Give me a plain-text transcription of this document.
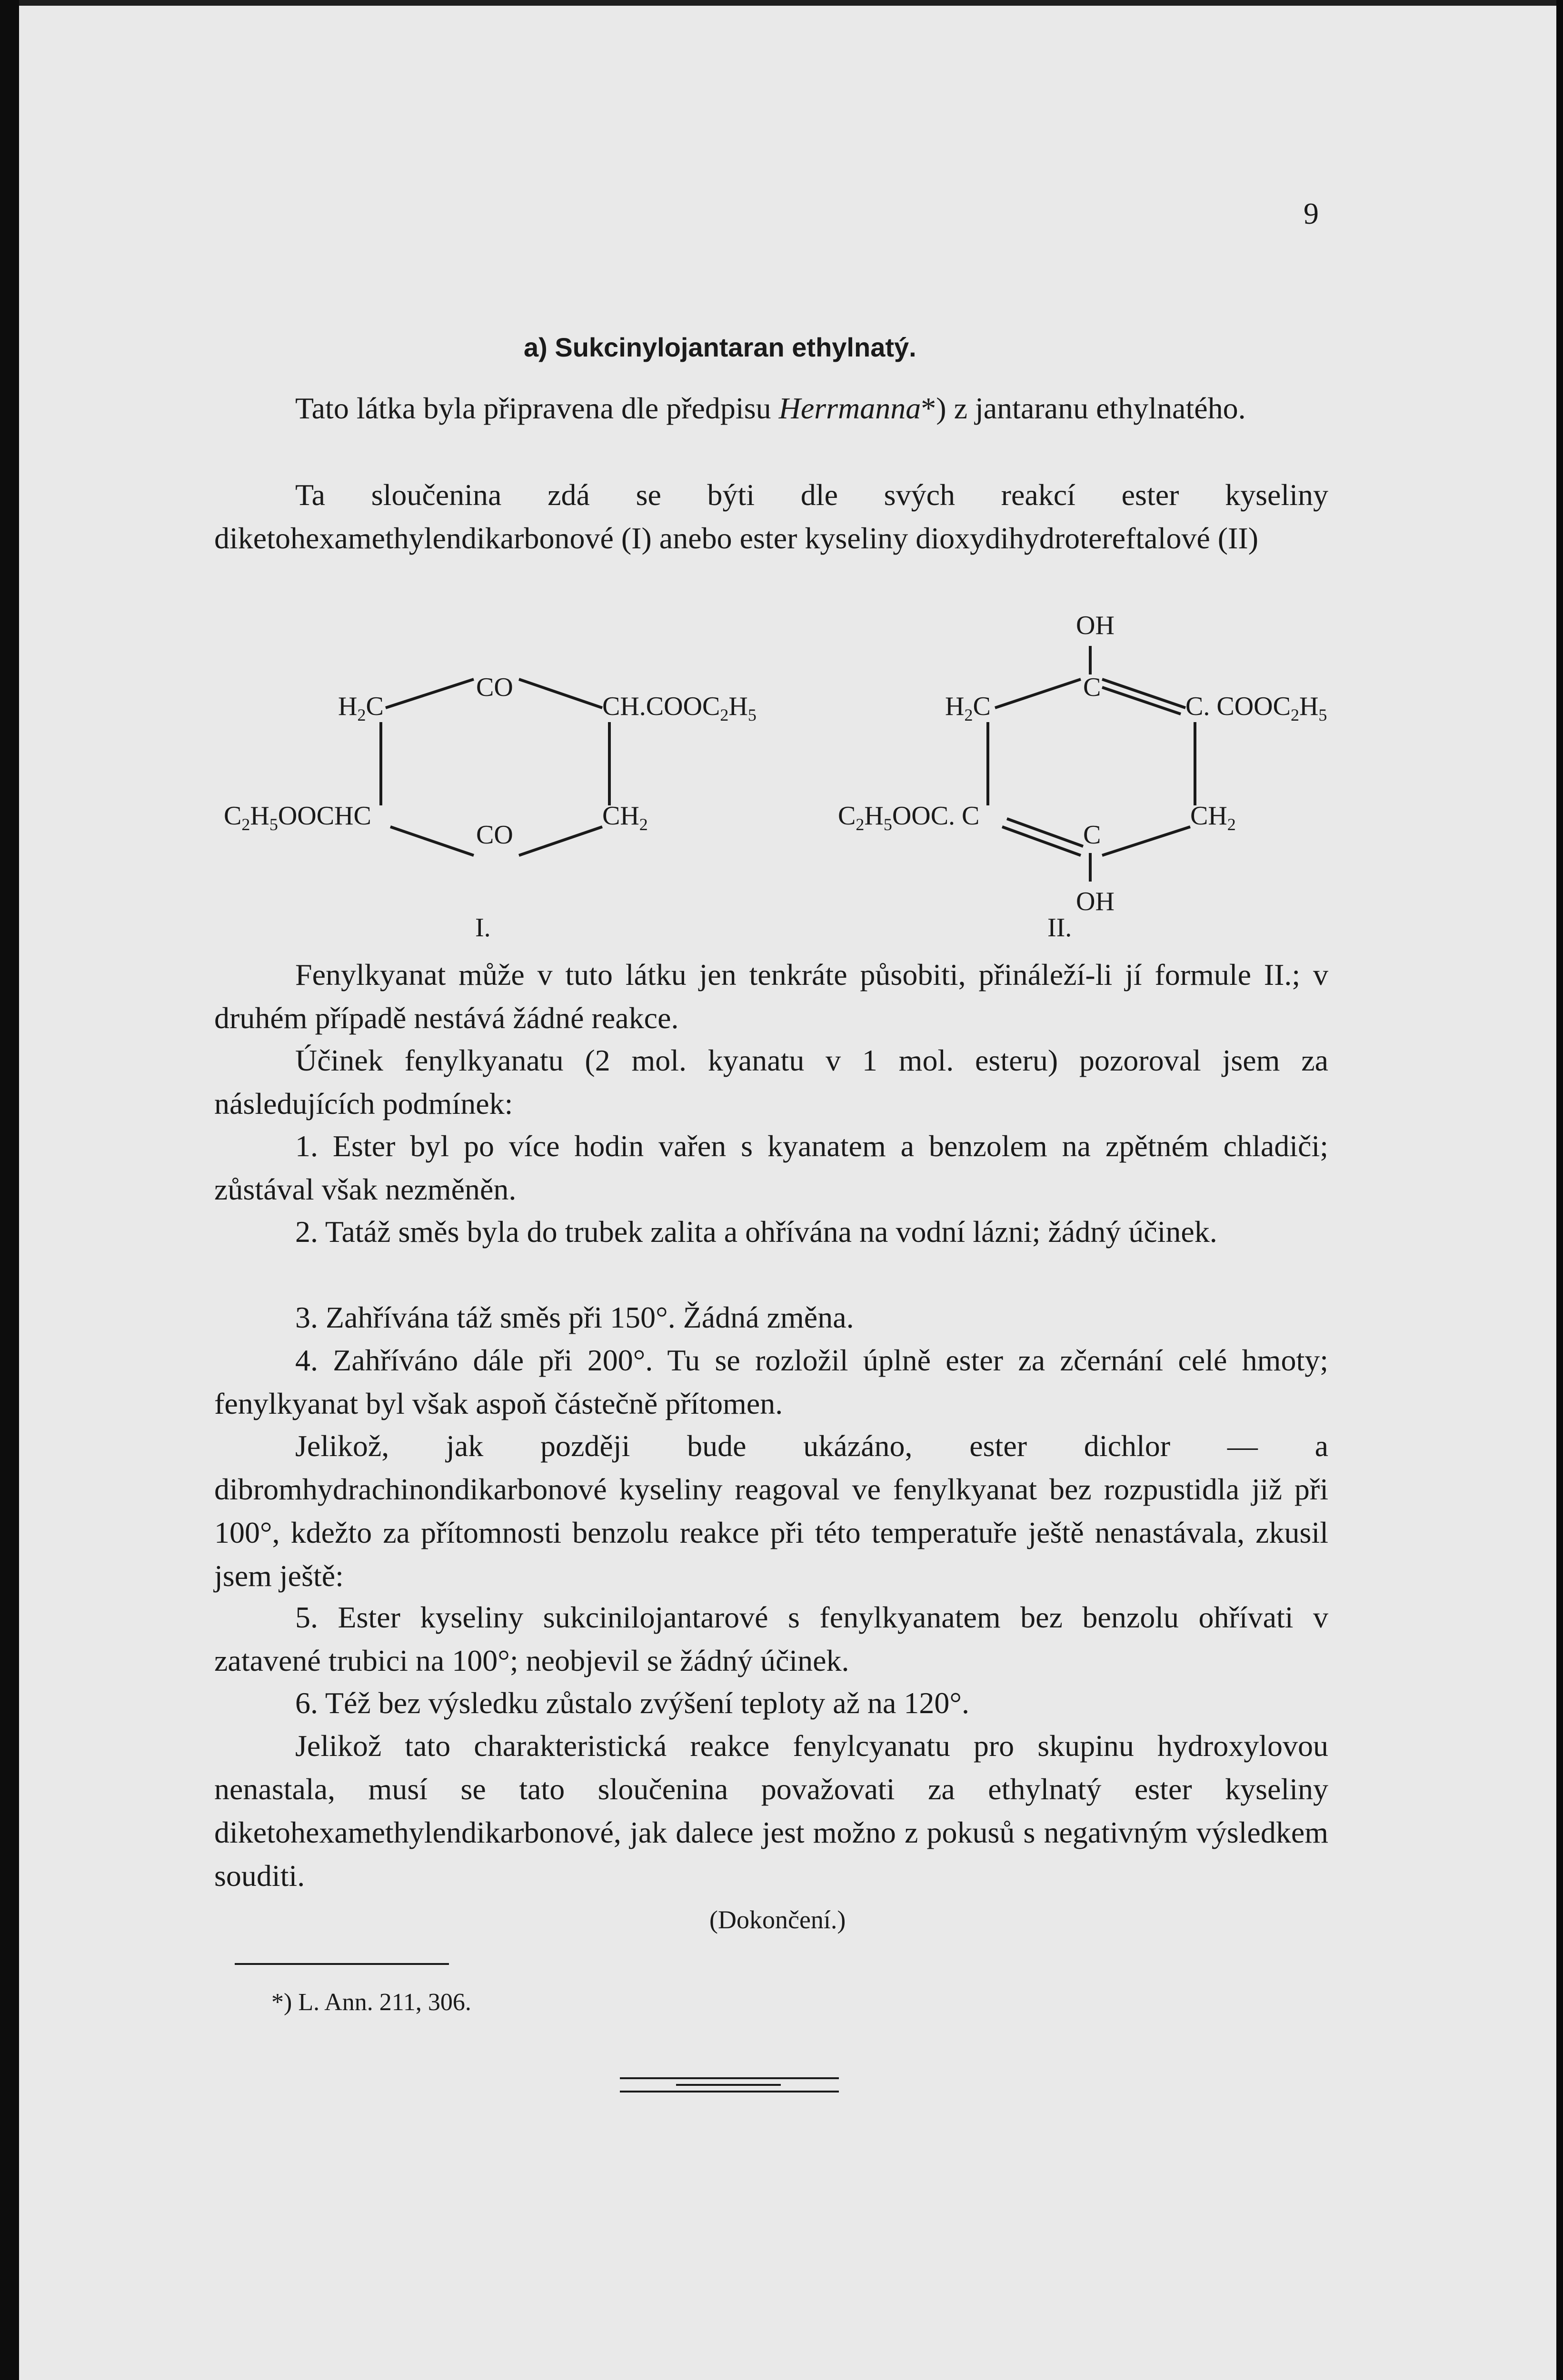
9
a) Sukcinylojantaran ethylnatý.

Tato látka byla připravena dle předpisu Herrmanna*) z jantaranu ethylnatého.

Ta sloučenina zdá se býti dle svých reakcí ester kyseliny diketohexamethylendikarbonové (I) anebo ester kyseliny dioxydihydrotereftalové (II)

$H_2C$
CO
$CH.COOC_2H_5$
$C_2H_5OOCHC$
CO
$CH_2$
OH
$H_2C$
C
C. $COOC_2H_5$
$C_2H_5OOC$. C
C
$CH_2$
OH
I.	II.

Fenylkyanat může v tuto látku jen tenkráte působiti, přináleží-li jí formule II.; v druhém případě nestává žádné reakce.

Účinek fenylkyanatu (2 mol. kyanatu v 1 mol. esteru) pozoroval jsem za následujících podmínek:

1. Ester byl po více hodin vařen s kyanatem a benzolem na zpětném chladiči; zůstával však nezměněn.

2. Tatáž směs byla do trubek zalita a ohřívána na vodní lázni; žádný účinek.

3. Zahřívána táž směs při 150°. Žádná změna.

4. Zahříváno dále při 200°. Tu se rozložil úplně ester za zčernání celé hmoty; fenylkyanat byl však aspoň částečně přítomen.

Jelikož, jak později bude ukázáno, ester dichlor — a dibromhydrachinondikarbonové kyseliny reagoval ve fenylkyanat bez rozpustidla již při 100°, kdežto za přítomnosti benzolu reakce při této temperatuře ještě nenastávala, zkusil jsem ještě:

5. Ester kyseliny sukcinilojantarové s fenylkyanatem bez benzolu ohřívati v zatavené trubici na 100°; neobjevil se žádný účinek.

6. Též bez výsledku zůstalo zvýšení teploty až na 120°.

Jelikož tato charakteristická reakce fenylcyanatu pro skupinu hydroxylovou nenastala, musí se tato sloučenina považovati za ethylnatý ester kyseliny diketohexamethylendikarbonové, jak dalece jest možno z pokusů s negativným výsledkem souditi.

(Dokončení.)
*) L. Ann. 211, 306.
